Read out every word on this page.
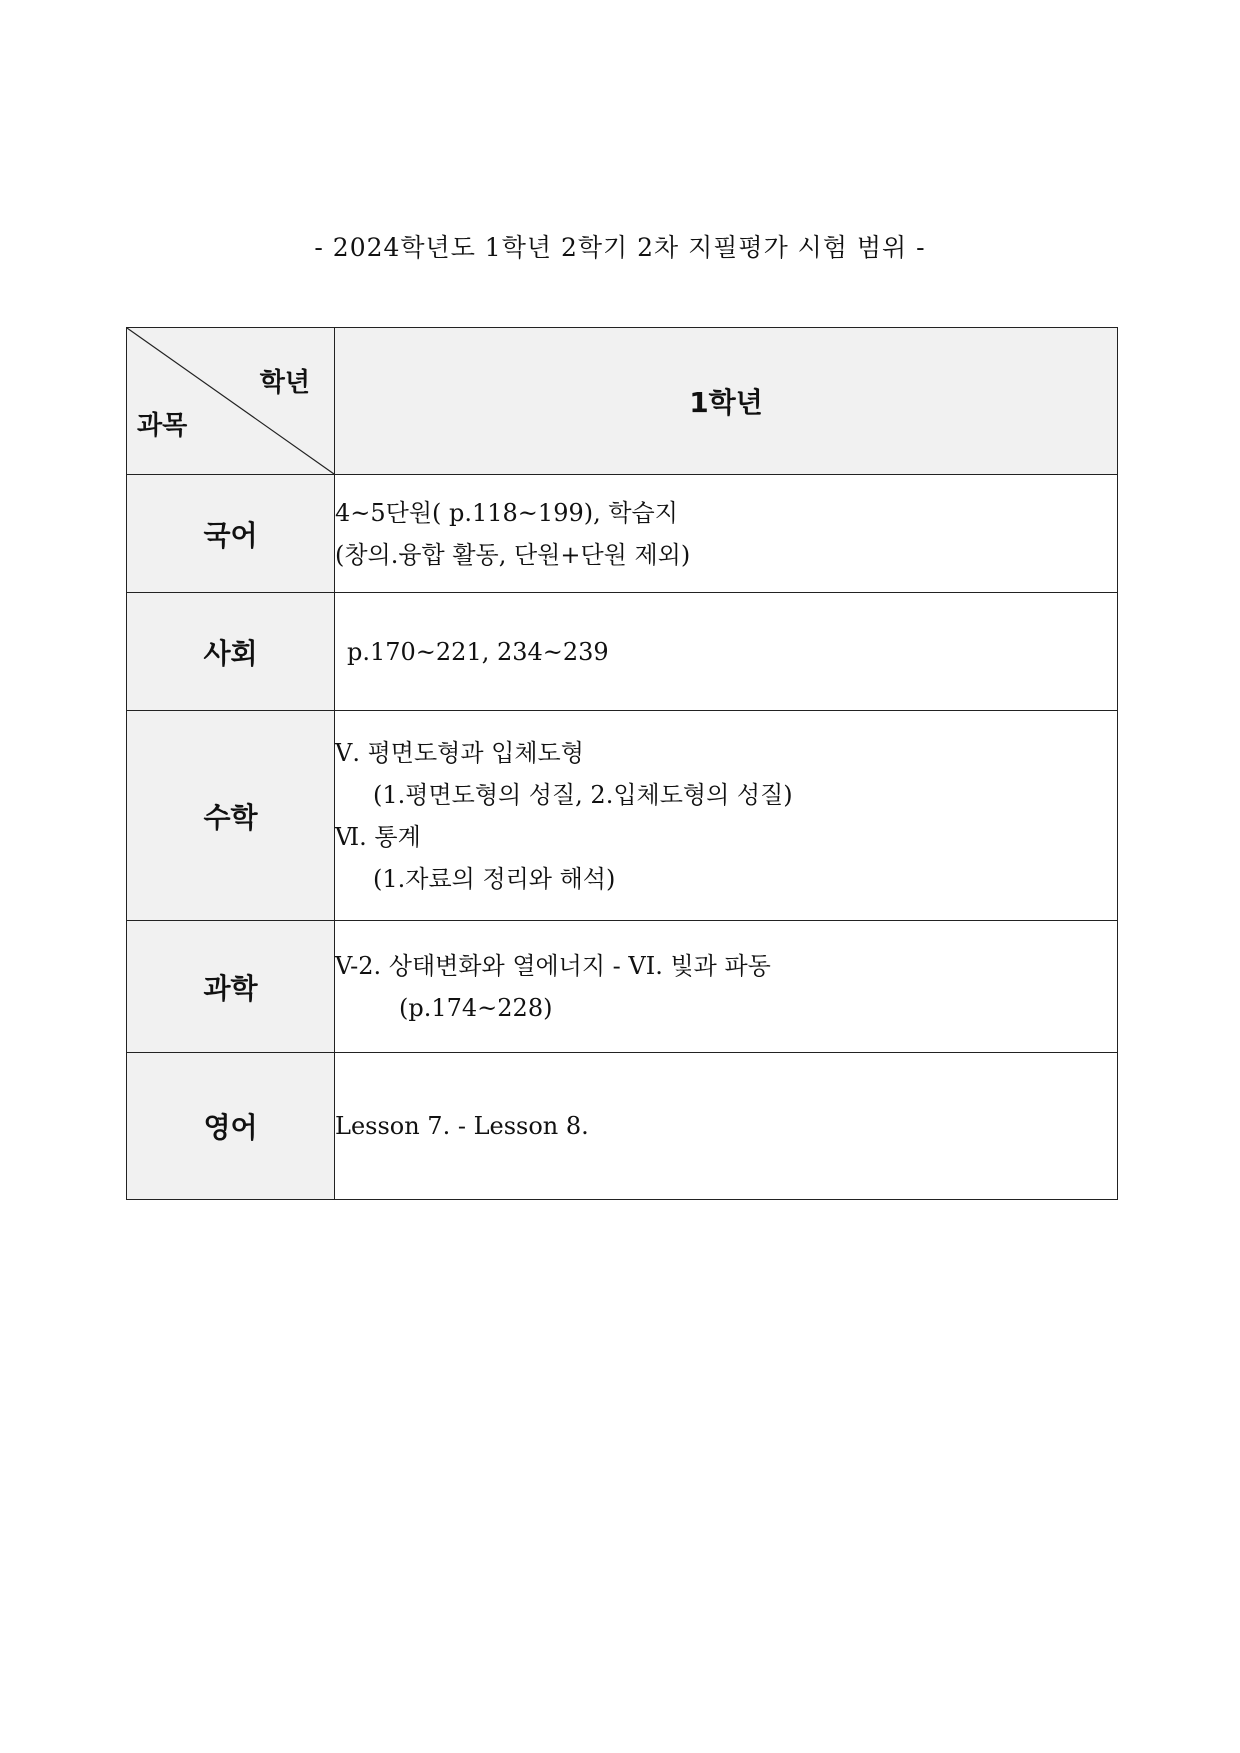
- 2024학년도 1학년 2학기 2차 지필평가 시험 범위 -
학년
과목	1학년
국어	4~5단원( p.118~199), 학습지
(창의.융합 활동, 단원+단원 제외)

사회	p.170~221, 234~239

수학	Ⅴ. 평면도형과 입체도형
(1.평면도형의 성질, 2.입체도형의 성질)
Ⅵ. 통계
(1.자료의 정리와 해석)

과학	V-2. 상태변화와 열에너지 - VI. 빛과 파동
(p.174~228)

영어	Lesson 7. - Lesson 8.
